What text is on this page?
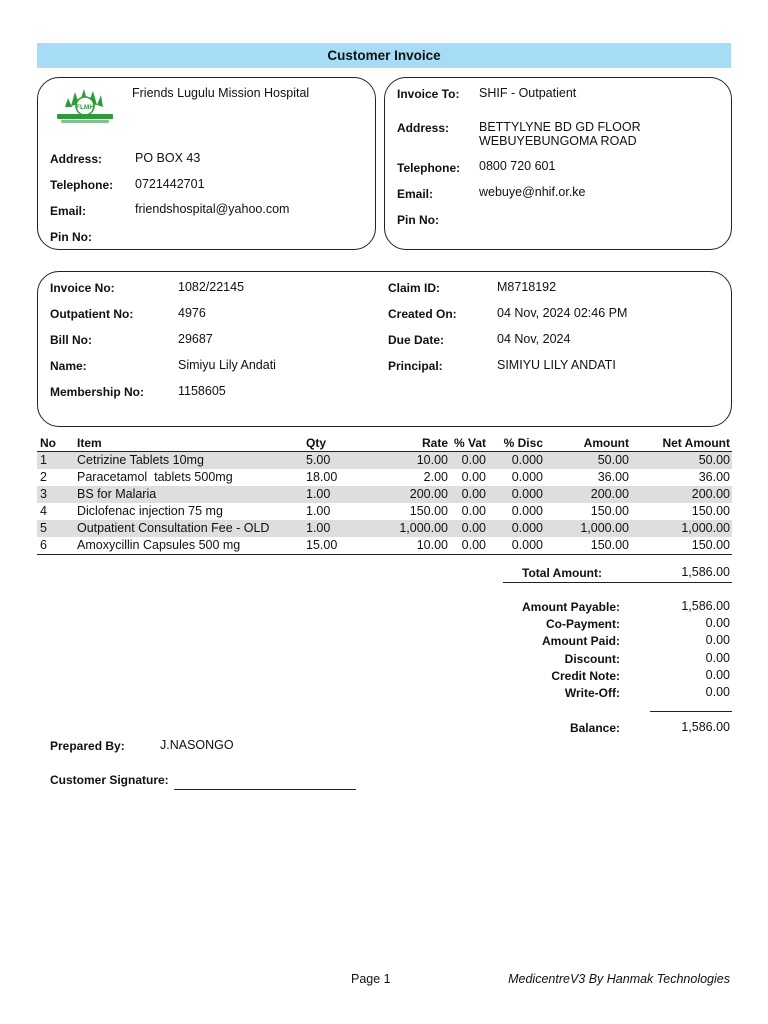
Customer Invoice
FLMH
Friends Lugulu Mission Hospital
Address:	PO BOX 43
Telephone: 0721442701
Email:	friendshospital@yahoo.com
Pin No:
Invoice To: SHIF - Outpatient
Address: BETTYLYNE BD GD FLOOR
WEBUYEBUNGOMA ROAD
Telephone: 0800 720 601
Email:	webuye@nhif.or.ke
Pin No:
Invoice No:	1082/22145
Outpatient No:	4976
Bill No:	29687
Name:	Simiyu Lily Andati
Membership No:	1158605
Claim ID:	M8718192
Created On:	04 Nov, 2024 02:46 PM
Due Date:	04 Nov, 2024
Principal:	SIMIYU LILY ANDATI
No	Item	Qty	Rate	% Vat	% Disc	Amount	Net Amount
1	Cetrizine Tablets 10mg	5.00	10.00	0.00	0.000	50.00	50.00
2	Paracetamol  tablets 500mg	18.00	2.00	0.00	0.000	36.00	36.00
3	BS for Malaria	1.00	200.00	0.00	0.000	200.00	200.00
4	Diclofenac injection 75 mg	1.00	150.00	0.00	0.000	150.00	150.00
5	Outpatient Consultation Fee - OLD	1.00	1,000.00	0.00	0.000	1,000.00	1,000.00
6	Amoxycillin Capsules 500 mg	15.00	10.00	0.00	0.000	150.00	150.00
Total Amount:	1,586.00
Amount Payable:	1,586.00
Co-Payment:	0.00
Amount Paid:	0.00
Discount:	0.00
Credit Note:	0.00
Write-Off:	0.00
Balance:	1,586.00
Prepared By:	J.NASONGO
Customer Signature:
Page 1	MedicentreV3 By Hanmak Technologies
